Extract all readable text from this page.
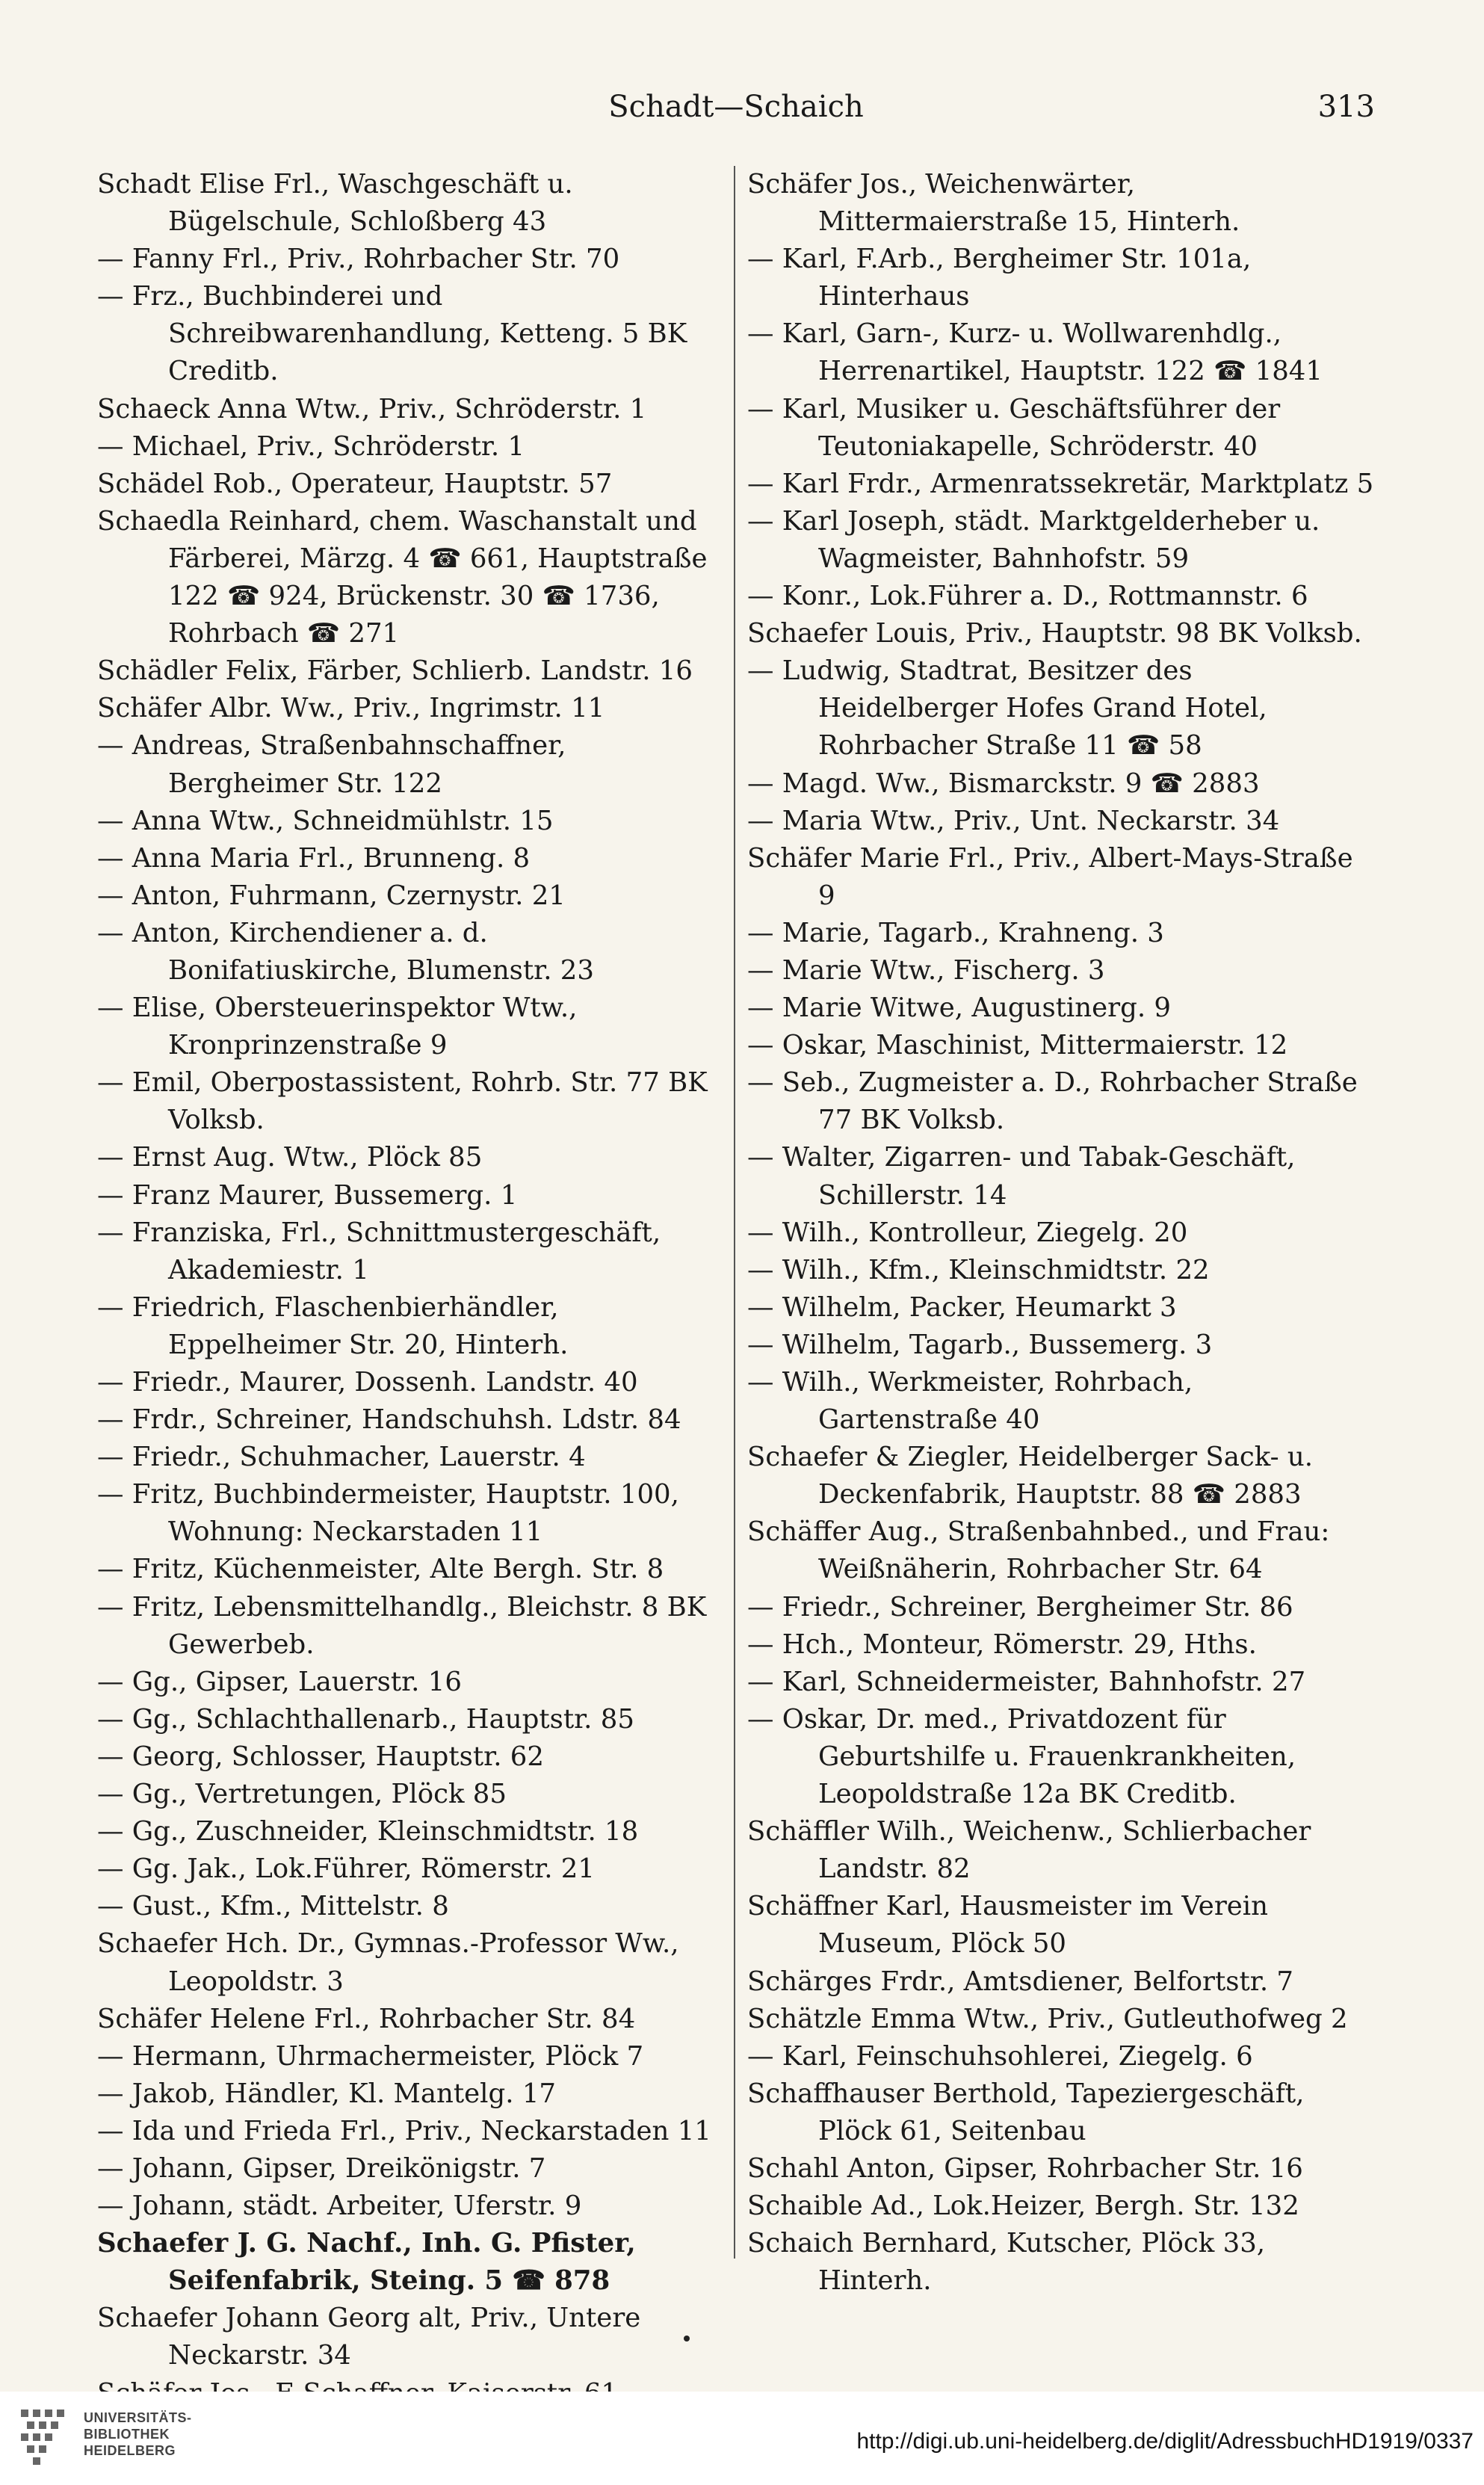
Schadt—Schaich	313

Schadt Elise Frl., Waschgeschäft u. Bügelschule, Schloßberg 43

— Fanny Frl., Priv., Rohrbacher Str. 70

— Frz., Buchbinderei und Schreibwarenhandlung, Ketteng. 5 BK Creditb.

Schaeck Anna Wtw., Priv., Schröderstr. 1

— Michael, Priv., Schröderstr. 1

Schädel Rob., Operateur, Hauptstr. 57

Schaedla Reinhard, chem. Waschanstalt und Färberei, Märzg. 4 ☎ 661, Hauptstraße 122 ☎ 924, Brückenstr. 30 ☎ 1736, Rohrbach ☎ 271

Schädler Felix, Färber, Schlierb. Landstr. 16

Schäfer Albr. Ww., Priv., Ingrimstr. 11

— Andreas, Straßenbahnschaffner, Bergheimer Str. 122

— Anna Wtw., Schneidmühlstr. 15

— Anna Maria Frl., Brunneng. 8

— Anton, Fuhrmann, Czernystr. 21

— Anton, Kirchendiener a. d. Bonifatiuskirche, Blumenstr. 23

— Elise, Obersteuerinspektor Wtw., Kronprinzenstraße 9

— Emil, Oberpostassistent, Rohrb. Str. 77 BK Volksb.

— Ernst Aug. Wtw., Plöck 85

— Franz Maurer, Bussemerg. 1

— Franziska, Frl., Schnittmustergeschäft, Akademiestr. 1

— Friedrich, Flaschenbierhändler, Eppelheimer Str. 20, Hinterh.

— Friedr., Maurer, Dossenh. Landstr. 40

— Frdr., Schreiner, Handschuhsh. Ldstr. 84

— Friedr., Schuhmacher, Lauerstr. 4

— Fritz, Buchbindermeister, Hauptstr. 100, Wohnung: Neckarstaden 11

— Fritz, Küchenmeister, Alte Bergh. Str. 8

— Fritz, Lebensmittelhandlg., Bleichstr. 8 BK Gewerbeb.

— Gg., Gipser, Lauerstr. 16

— Gg., Schlachthallenarb., Hauptstr. 85

— Georg, Schlosser, Hauptstr. 62

— Gg., Vertretungen, Plöck 85

— Gg., Zuschneider, Kleinschmidtstr. 18

— Gg. Jak., Lok.Führer, Römerstr. 21

— Gust., Kfm., Mittelstr. 8

Schaefer Hch. Dr., Gymnas.-Professor Ww., Leopoldstr. 3

Schäfer Helene Frl., Rohrbacher Str. 84

— Hermann, Uhrmachermeister, Plöck 7

— Jakob, Händler, Kl. Mantelg. 17

— Ida und Frieda Frl., Priv., Neckarstaden 11

— Johann, Gipser, Dreikönigstr. 7

— Johann, städt. Arbeiter, Uferstr. 9

Schaefer J. G. Nachf., Inh. G. Pfister, Seifenfabrik, Steing. 5 ☎ 878

Schaefer Johann Georg alt, Priv., Untere Neckarstr. 34

Schäfer Jos., Weichenwärter, Mittermaierstraße 15, Hinterh.

— Karl, F.Arb., Bergheimer Str. 101a, Hinterhaus

— Karl, Garn-, Kurz- u. Wollwarenhdlg., Herrenartikel, Hauptstr. 122 ☎ 1841

— Karl, Musiker u. Geschäftsführer der Teutoniakapelle, Schröderstr. 40

— Karl Frdr., Armenratssekretär, Marktplatz 5

— Karl Joseph, städt. Marktgelderheber u. Wagmeister, Bahnhofstr. 59

— Konr., Lok.Führer a. D., Rottmannstr. 6

Schaefer Louis, Priv., Hauptstr. 98 BK Volksb.

— Ludwig, Stadtrat, Besitzer des Heidelberger Hofes Grand Hotel, Rohrbacher Straße 11 ☎ 58

— Magd. Ww., Bismarckstr. 9 ☎ 2883

— Maria Wtw., Priv., Unt. Neckarstr. 34

Schäfer Marie Frl., Priv., Albert-Mays-Straße 9

— Marie, Tagarb., Krahneng. 3

— Marie Wtw., Fischerg. 3

— Marie Witwe, Augustinerg. 9

— Oskar, Maschinist, Mittermaierstr. 12

— Seb., Zugmeister a. D., Rohrbacher Straße 77 BK Volksb.

— Walter, Zigarren- und Tabak-Geschäft, Schillerstr. 14

— Wilh., Kontrolleur, Ziegelg. 20

— Wilh., Kfm., Kleinschmidtstr. 22

— Wilhelm, Packer, Heumarkt 3

— Wilhelm, Tagarb., Bussemerg. 3

— Wilh., Werkmeister, Rohrbach, Gartenstraße 40

Schaefer & Ziegler, Heidelberger Sack- u. Deckenfabrik, Hauptstr. 88 ☎ 2883

Schäffer Aug., Straßenbahnbed., und Frau: Weißnäherin, Rohrbacher Str. 64

— Friedr., Schreiner, Bergheimer Str. 86

— Hch., Monteur, Römerstr. 29, Hths.

— Karl, Schneidermeister, Bahnhofstr. 27

— Oskar, Dr. med., Privatdozent für Geburtshilfe u. Frauenkrankheiten, Leopoldstraße 12a BK Creditb.

Schäffler Wilh., Weichenw., Schlierbacher Landstr. 82

Schäffner Karl, Hausmeister im Verein Museum, Plöck 50

Schärges Frdr., Amtsdiener, Belfortstr. 7

Schätzle Emma Wtw., Priv., Gutleuthofweg 2

— Karl, Feinschuhsohlerei, Ziegelg. 6

Schaffhauser Berthold, Tapeziergeschäft, Plöck 61, Seitenbau

Schahl Anton, Gipser, Rohrbacher Str. 16

Schaible Ad., Lok.Heizer, Bergh. Str. 132

Schaich Bernhard, Kutscher, Plöck 33, Hinterh.

UNIVERSITÄTS-
BIBLIOTHEK
HEIDELBERG	http://digi.ub.uni-heidelberg.de/diglit/AdressbuchHD1919/0337
